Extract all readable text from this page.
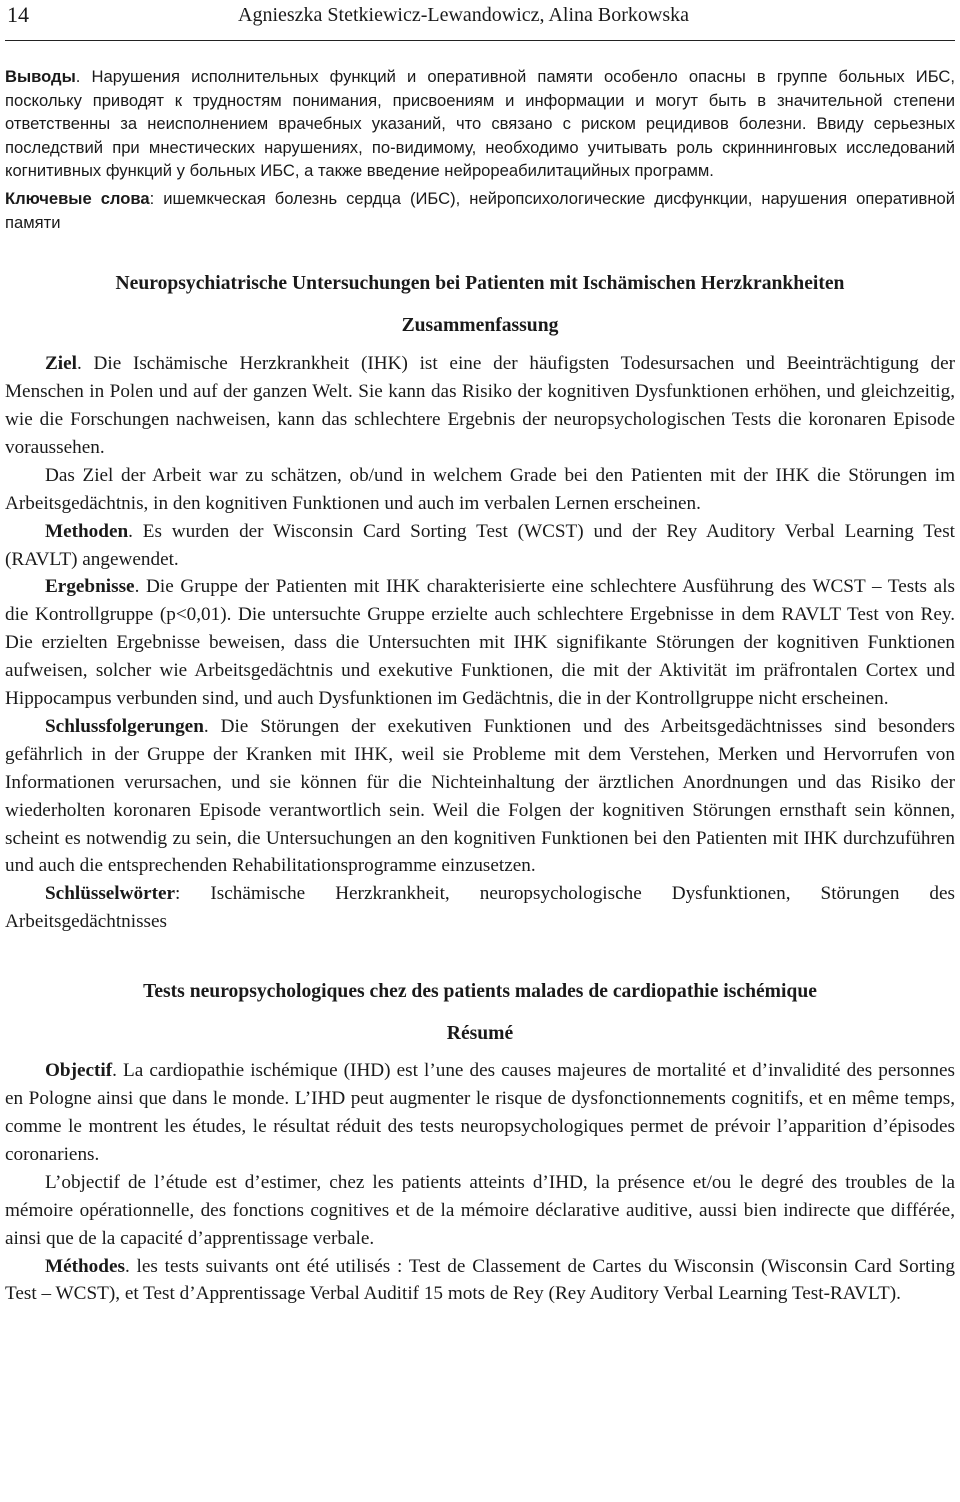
14	Agnieszka Stetkiewicz-Lewandowicz, Alina Borkowska

Выводы. Нарушения исполнительных функций и оперативной памяти особенло опасны в группе больных ИБС, поскольку приводят к трудностям понимания, присвоениям и информации и могут быть в значительной степени ответственны за неисполнением врачебных указаний, что связано с риском рецидивов болезни. Ввиду серьезных последствий при мнестических нарушениях, по-видимому, необходимо учитывать роль скриннинговых исследований когнитивных функций у больных ИБС, а также введение нейрореабилитацийных программ.

Ключевые слова: ишемкческая болезнь сердца (ИБС), нейропсихологические дисфункции, нарушения оперативной памяти

Neuropsychiatrische Untersuchungen bei Patienten mit Ischämischen Herzkrankheiten
Zusammenfassung

Ziel. Die Ischämische Herzkrankheit (IHK) ist eine der häufigsten Todesursachen und Beeinträchtigung der Menschen in Polen und auf der ganzen Welt. Sie kann das Risiko der kognitiven Dysfunktionen erhöhen, und gleichzeitig, wie die Forschungen nachweisen, kann das schlechtere Ergebnis der neuropsychologischen Tests die koronaren Episode voraussehen.

Das Ziel der Arbeit war zu schätzen, ob/und in welchem Grade bei den Patienten mit der IHK die Störungen im Arbeitsgedächtnis, in den kognitiven Funktionen und auch im verbalen Lernen erscheinen.

Methoden. Es wurden der Wisconsin Card Sorting Test (WCST) und der Rey Auditory Verbal Learning Test (RAVLT) angewendet.

Ergebnisse. Die Gruppe der Patienten mit IHK charakterisierte eine schlechtere Ausführung des WCST – Tests als die Kontrollgruppe (p<0,01). Die untersuchte Gruppe erzielte auch schlechtere Ergebnisse in dem RAVLT Test von Rey. Die erzielten Ergebnisse beweisen, dass die Untersuchten mit IHK signifikante Störungen der kognitiven Funktionen aufweisen, solcher wie Arbeitsgedächtnis und exekutive Funktionen, die mit der Aktivität im präfrontalen Cortex und Hippocampus verbunden sind, und auch Dysfunktionen im Gedächtnis, die in der Kontrollgruppe nicht erscheinen.

Schlussfolgerungen. Die Störungen der exekutiven Funktionen und des Arbeitsgedächtnisses sind besonders gefährlich in der Gruppe der Kranken mit IHK, weil sie Probleme mit dem Verstehen, Merken und Hervorrufen von Informationen verursachen, und sie können für die Nichteinhaltung der ärztlichen Anordnungen und das Risiko der wiederholten koronaren Episode verantwortlich sein. Weil die Folgen der kognitiven Störungen ernsthaft sein können, scheint es notwendig zu sein, die Untersuchungen an den kognitiven Funktionen bei den Patienten mit IHK durchzuführen und auch die entsprechenden Rehabilitationsprogramme einzusetzen.

Schlüsselwörter: Ischämische Herzkrankheit, neuropsychologische Dysfunktionen, Störungen des Arbeitsgedächtnisses

Tests neuropsychologiques chez des patients malades de cardiopathie ischémique
Résumé

Objectif. La cardiopathie ischémique (IHD) est l’une des causes majeures de mortalité et d’invalidité des personnes en Pologne ainsi que dans le monde. L’IHD peut augmenter le risque de dysfonctionnements cognitifs, et en même temps, comme le montrent les études, le résultat réduit des tests neuropsychologiques permet de prévoir l’apparition d’épisodes coronariens.

L’objectif de l’étude est d’estimer, chez les patients atteints d’IHD, la présence et/ou le degré des troubles de la mémoire opérationnelle, des fonctions cognitives et de la mémoire déclarative auditive, aussi bien indirecte que différée, ainsi que de la capacité d’apprentissage verbale.

Méthodes. les tests suivants ont été utilisés : Test de Classement de Cartes du Wisconsin (Wisconsin Card Sorting Test – WCST), et Test d’Apprentissage Verbal Auditif 15 mots de Rey (Rey Auditory Verbal Learning Test-RAVLT).
